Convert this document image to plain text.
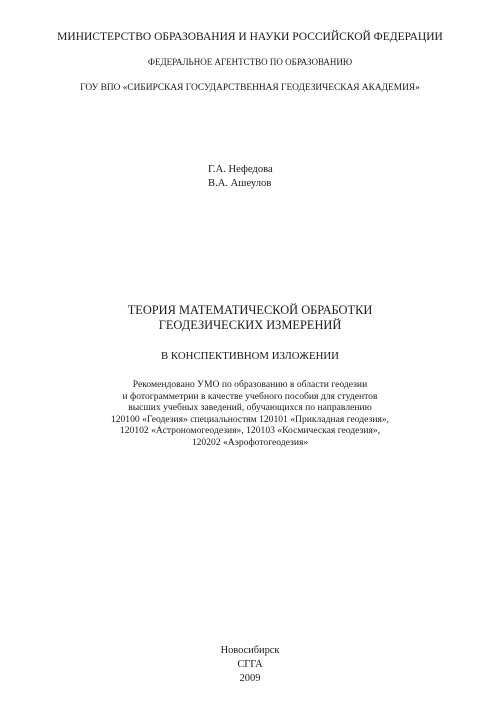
МИНИСТЕРСТВО ОБРАЗОВАНИЯ И НАУКИ РОССИЙСКОЙ ФЕДЕРАЦИИ
ФЕДЕРАЛЬНОЕ АГЕНТСТВО ПО ОБРАЗОВАНИЮ
ГОУ ВПО «СИБИРСКАЯ ГОСУДАРСТВЕННАЯ ГЕОДЕЗИЧЕСКАЯ АКАДЕМИЯ»
Г.А. Нефедова
В.А. Ашеулов
ТЕОРИЯ МАТЕМАТИЧЕСКОЙ ОБРАБОТКИ
ГЕОДЕЗИЧЕСКИХ ИЗМЕРЕНИЙ
В КОНСПЕКТИВНОМ ИЗЛОЖЕНИИ
Рекомендовано УМО по образованию в области геодезии
и фотограмметрии в качестве учебного пособия для студентов
высших учебных заведений, обучающихся по направлению
120100 «Геодезия» специальностям 120101 «Прикладная геодезия»,
120102 «Астрономогеодезия», 120103 «Космическая геодезия»,
120202 «Аэрофотогеодезия»
Новосибирск
СГГА
2009
